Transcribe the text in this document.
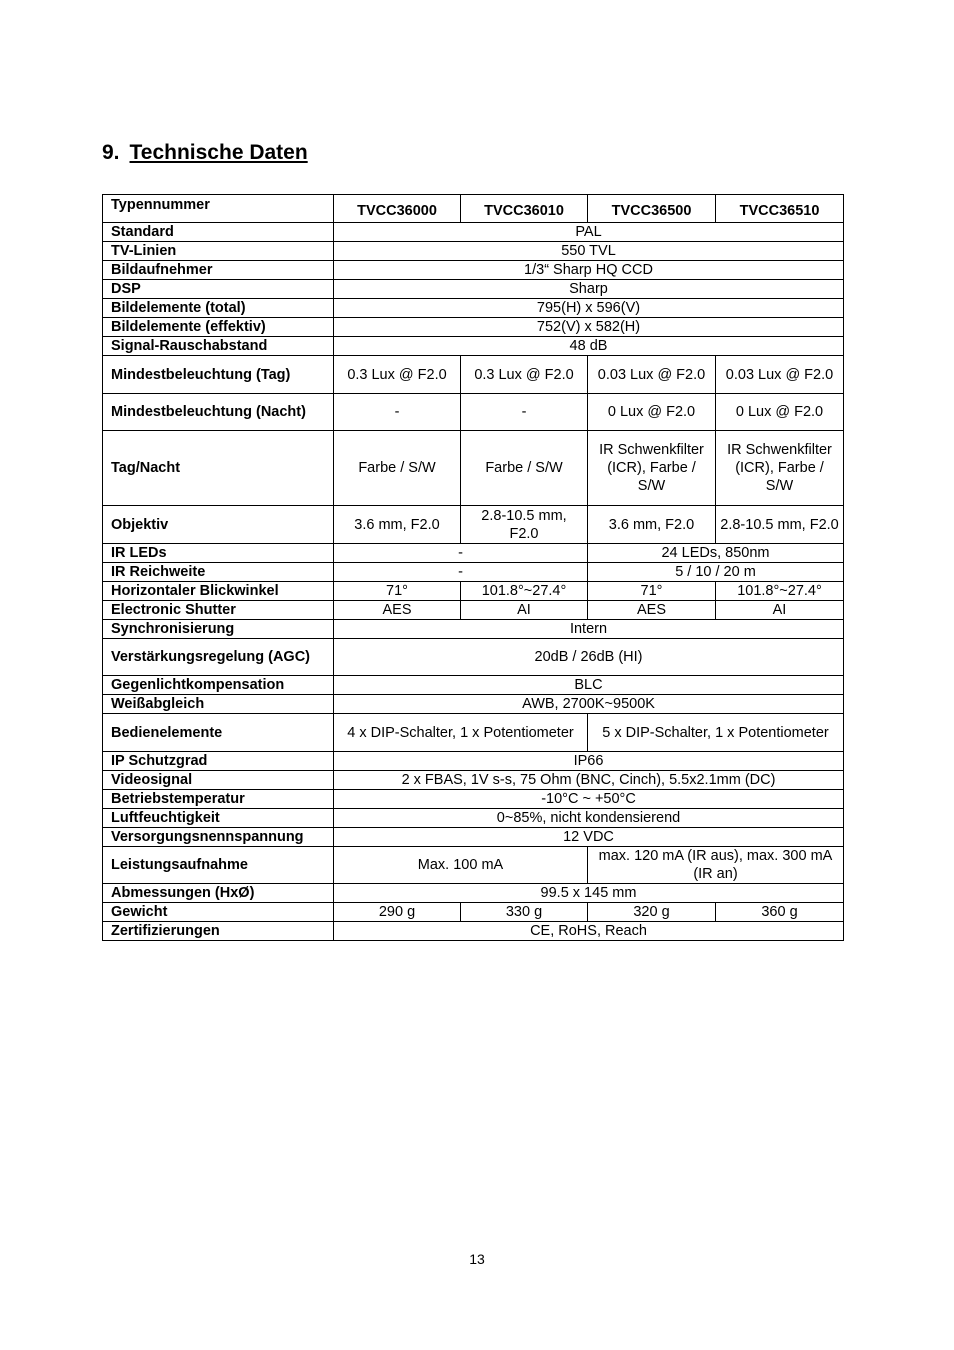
9. Technische Daten
Typennummer	TVCC36000	TVCC36010	TVCC36500	TVCC36510
Standard	PAL			
TV-Linien	550 TVL			
Bildaufnehmer	1/3“ Sharp HQ CCD			
DSP	Sharp			
Bildelemente (total)	795(H) x 596(V)			
Bildelemente (effektiv)	752(V) x 582(H)			
Signal-Rauschabstand	48 dB			
Mindestbeleuchtung (Tag)	0.3 Lux @ F2.0	0.3 Lux @ F2.0	0.03 Lux @ F2.0	0.03 Lux @ F2.0
Mindestbeleuchtung (Nacht)	-	-	0 Lux @ F2.0	0 Lux @ F2.0
Tag/Nacht	Farbe / S/W	Farbe / S/W	IR Schwenkfilter (ICR), Farbe / S/W	IR Schwenkfilter (ICR), Farbe / S/W
Objektiv	3.6 mm, F2.0	2.8-10.5 mm, F2.0	3.6 mm, F2.0	2.8-10.5 mm, F2.0
IR LEDs	-		24 LEDs, 850nm	
IR Reichweite	-		5 / 10 / 20 m	
Horizontaler Blickwinkel	71°	101.8°~27.4°	71°	101.8°~27.4°
Electronic Shutter	AES	AI	AES	AI
Synchronisierung	Intern			
Verstärkungsregelung (AGC)	20dB / 26dB (HI)			
Gegenlichtkompensation	BLC			
Weißabgleich	AWB, 2700K~9500K			
Bedienelemente	4 x DIP-Schalter, 1 x Potentiometer		5 x DIP-Schalter, 1 x Potentiometer	
IP Schutzgrad	IP66			
Videosignal	2 x FBAS, 1V s-s, 75 Ohm (BNC, Cinch), 5.5x2.1mm (DC)			
Betriebstemperatur	-10°C ~ +50°C			
Luftfeuchtigkeit	0~85%, nicht kondensierend			
Versorgungsnennspannung	12 VDC			
Leistungsaufnahme	Max. 100 mA		max. 120 mA (IR aus), max. 300 mA (IR an)	
Abmessungen (HxØ)	99.5 x 145 mm			
Gewicht	290 g	330 g	320 g	360 g
Zertifizierungen	CE, RoHS, Reach			
13
